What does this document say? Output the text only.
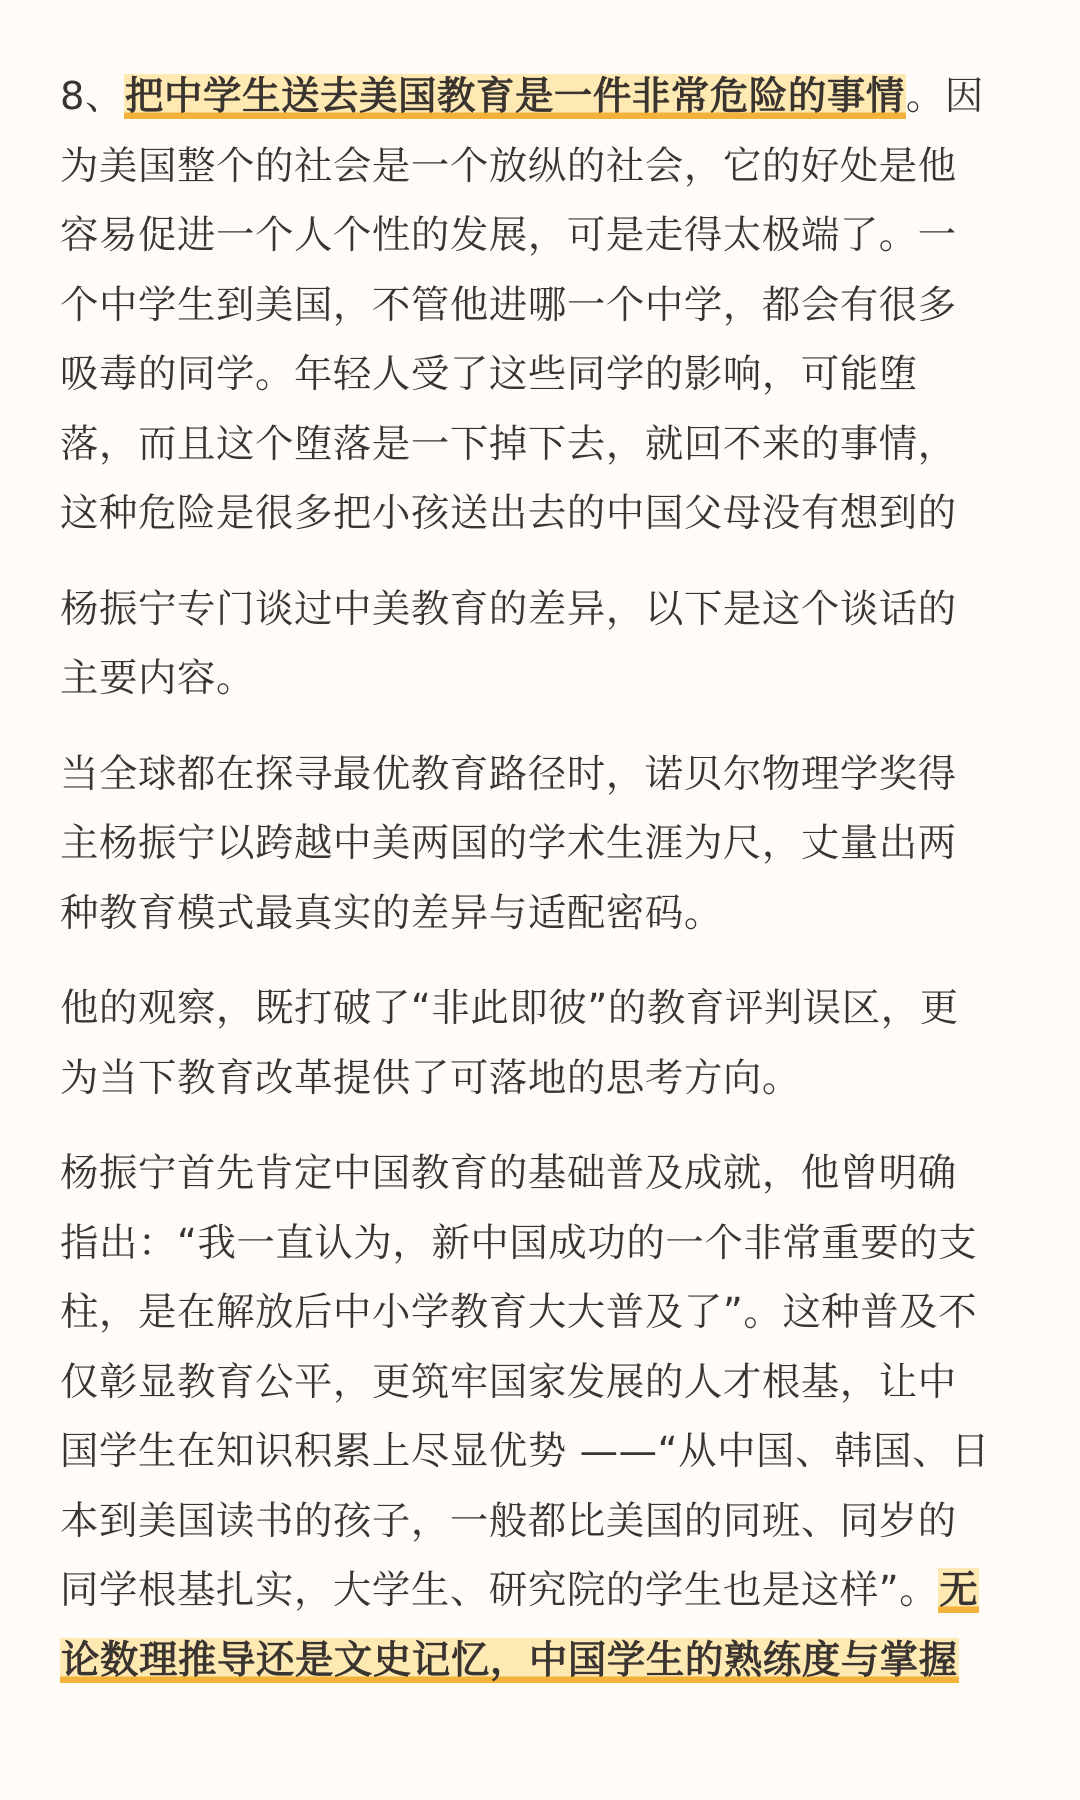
8、把中学生送去美国教育是一件非常危险的事情。因
为美国整个的社会是一个放纵的社会，它的好处是他
容易促进一个人个性的发展，可是走得太极端了。一
个中学生到美国，不管他进哪一个中学，都会有很多
吸毒的同学。年轻人受了这些同学的影响，可能堕
落，而且这个堕落是一下掉下去，就回不来的事情，
这种危险是很多把小孩送出去的中国父母没有想到的

杨振宁专门谈过中美教育的差异，以下是这个谈话的
主要内容。

当全球都在探寻最优教育路径时，诺贝尔物理学奖得
主杨振宁以跨越中美两国的学术生涯为尺，丈量出两
种教育模式最真实的差异与适配密码。

他的观察，既打破了“非此即彼”的教育评判误区，更
为当下教育改革提供了可落地的思考方向。

杨振宁首先肯定中国教育的基础普及成就，他曾明确
指出：“我一直认为，新中国成功的一个非常重要的支
柱，是在解放后中小学教育大大普及了”。这种普及不
仅彰显教育公平，更筑牢国家发展的人才根基，让中
国学生在知识积累上尽显优势 ——“从中国、韩国、日
本到美国读书的孩子，一般都比美国的同班、同岁的
同学根基扎实，大学生、研究院的学生也是这样”。无
论数理推导还是文史记忆，中国学生的熟练度与掌握
